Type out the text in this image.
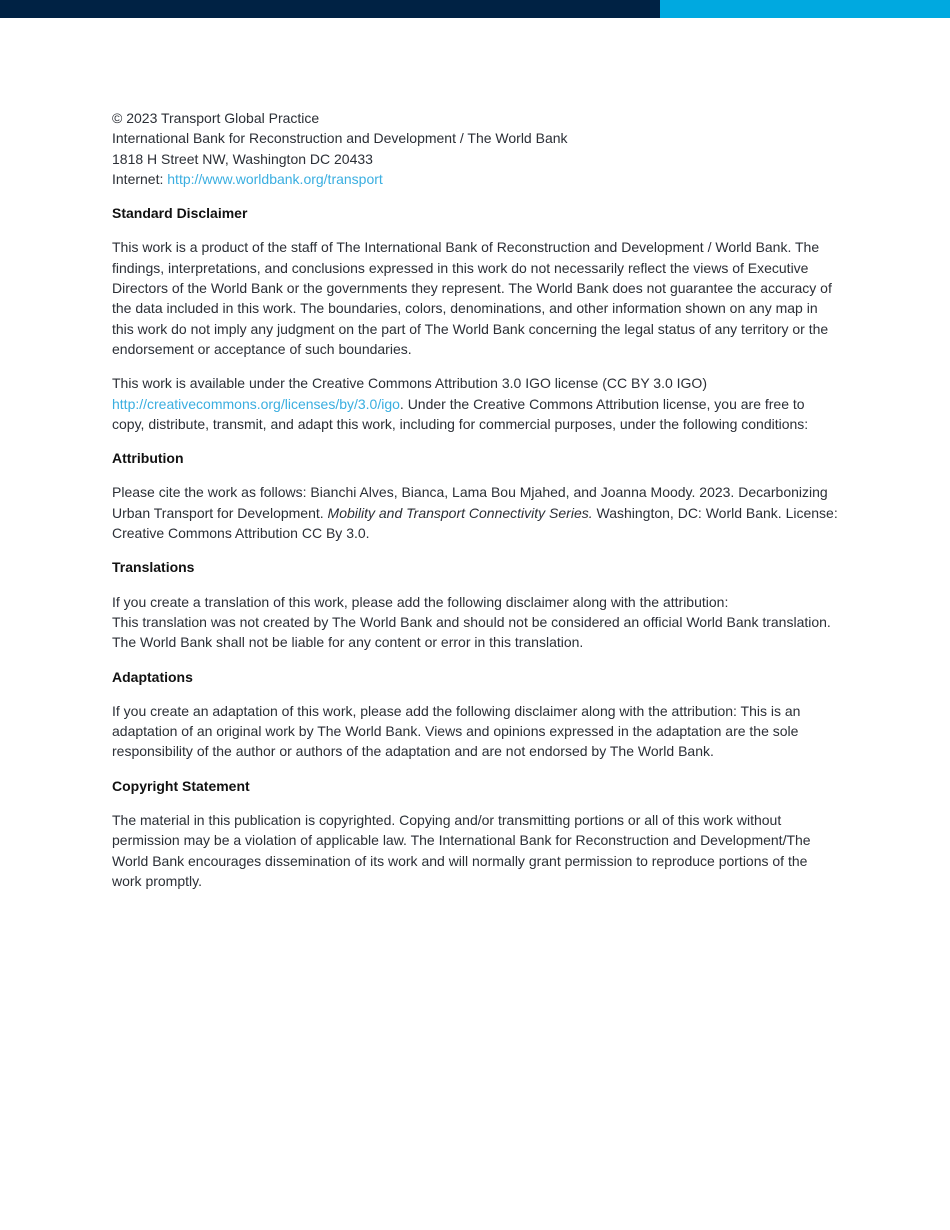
© 2023 Transport Global Practice
International Bank for Reconstruction and Development / The World Bank
1818 H Street NW, Washington DC 20433
Internet: http://www.worldbank.org/transport
Standard Disclaimer

This work is a product of the staff of The International Bank of Reconstruction and Development / World Bank. The findings, interpretations, and conclusions expressed in this work do not necessarily reflect the views of Executive Directors of the World Bank or the governments they represent. The World Bank does not guarantee the accuracy of the data included in this work. The boundaries, colors, denominations, and other information shown on any map in this work do not imply any judgment on the part of The World Bank concerning the legal status of any territory or the endorsement or acceptance of such boundaries.

This work is available under the Creative Commons Attribution 3.0 IGO license (CC BY 3.0 IGO) http://creativecommons.org/licenses/by/3.0/igo. Under the Creative Commons Attribution license, you are free to copy, distribute, transmit, and adapt this work, including for commercial purposes, under the following conditions:

Attribution

Please cite the work as follows: Bianchi Alves, Bianca, Lama Bou Mjahed, and Joanna Moody. 2023. Decarbonizing Urban Transport for Development. Mobility and Transport Connectivity Series. Washington, DC: World Bank. License: Creative Commons Attribution CC By 3.0.

Translations

If you create a translation of this work, please add the following disclaimer along with the attribution:
This translation was not created by The World Bank and should not be considered an official World Bank translation. The World Bank shall not be liable for any content or error in this translation.

Adaptations

If you create an adaptation of this work, please add the following disclaimer along with the attribution: This is an adaptation of an original work by The World Bank. Views and opinions expressed in the adaptation are the sole responsibility of the author or authors of the adaptation and are not endorsed by The World Bank.

Copyright Statement

The material in this publication is copyrighted. Copying and/or transmitting portions or all of this work without permission may be a violation of applicable law. The International Bank for Reconstruction and Development/The World Bank encourages dissemination of its work and will normally grant permission to reproduce portions of the work promptly.
